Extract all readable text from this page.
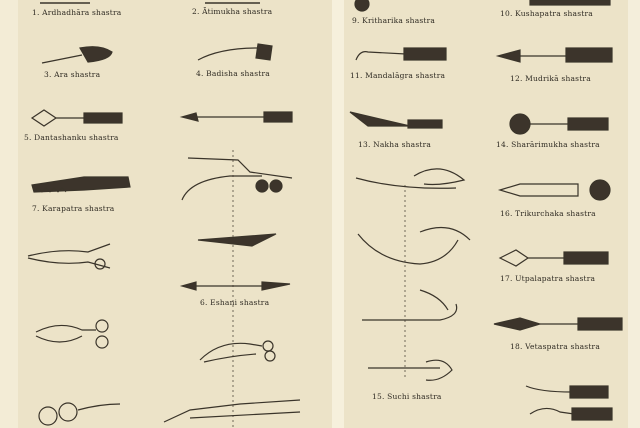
1. Ardhadhāra shastra	2. Ātimukha shastra
3. Ara shastra	4. Badisha shastra
5. Dantashanku shastra
7. Karapatra shastra
6. Eshani shastra
9. Kritharika shastra
10. Kushapatra shastra
11. Mandalāgra shastra	12. Mudrikā shastra
13. Nakha shastra	14. Sharārimukha shastra
16. Trikurchaka shastra
17. Utpalapatra shastra
18. Vetaspatra shastra
15. Suchi shastra
